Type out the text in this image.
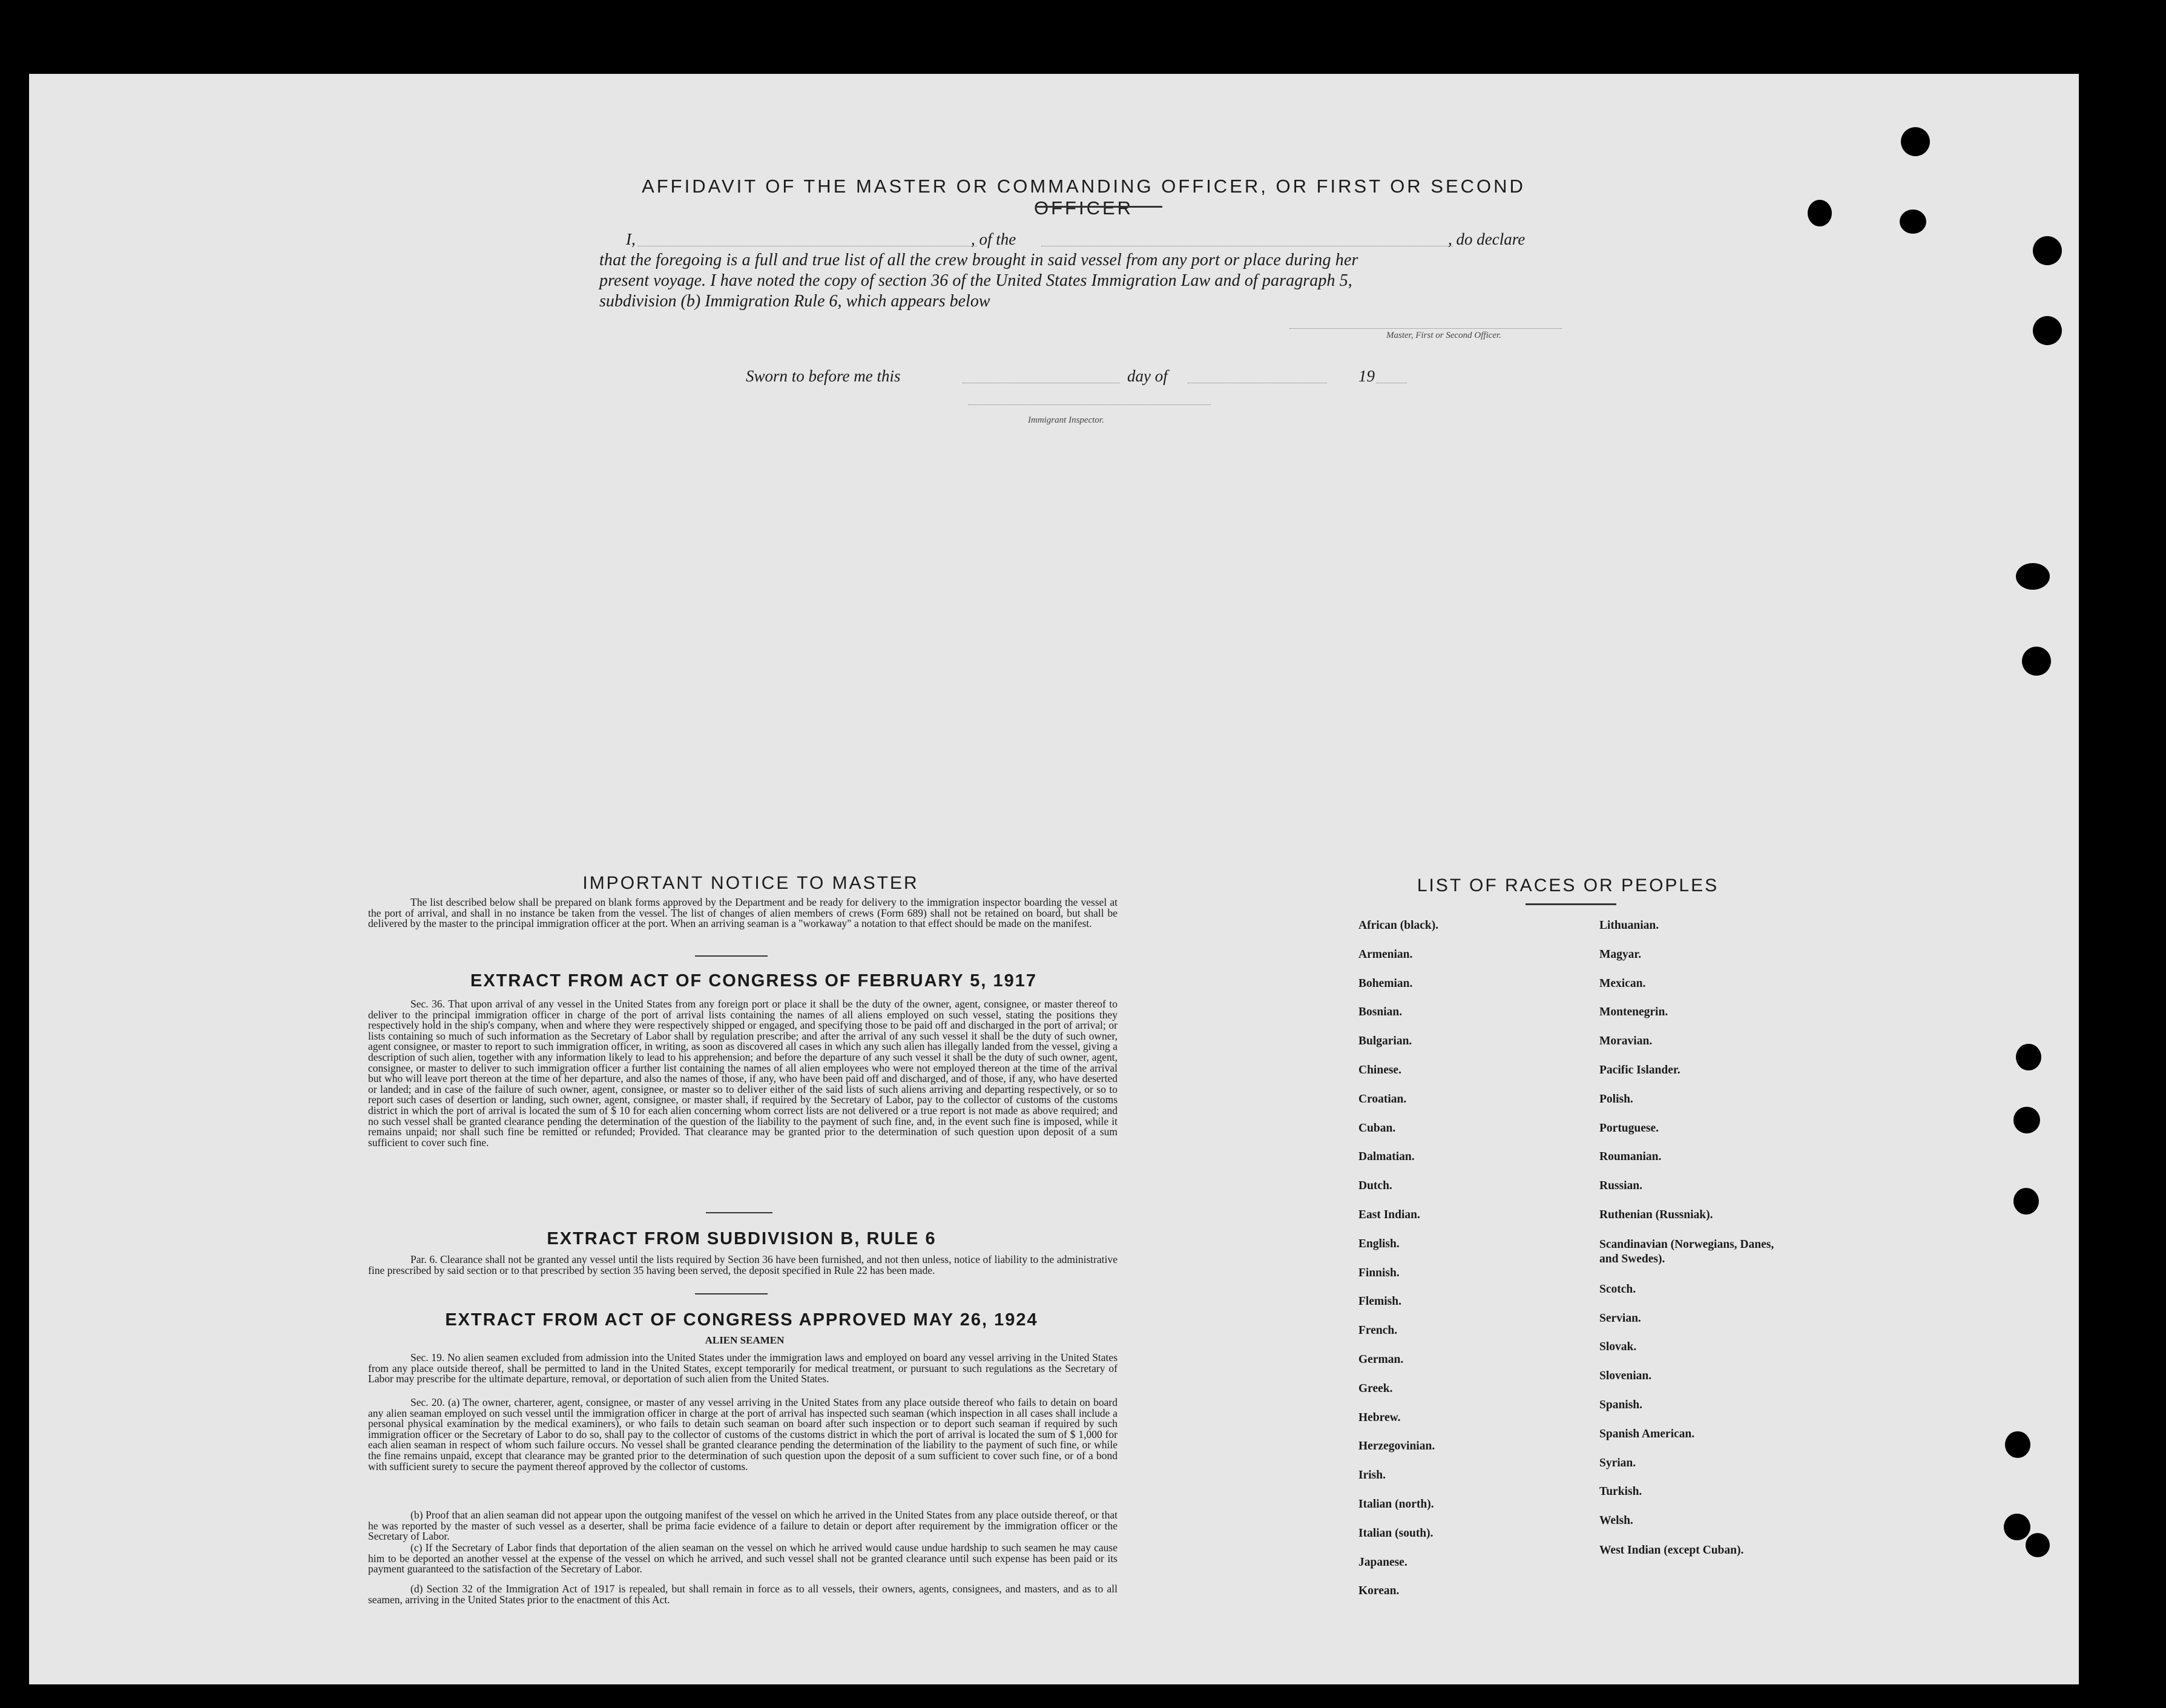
AFFIDAVIT OF THE MASTER OR COMMANDING OFFICER, OR FIRST OR SECOND OFFICER
I,	, of the	, do declare
that the foregoing is a full and true list of all the crew brought in said vessel from any port or place during her
present voyage. I have noted the copy of section 36 of the United States Immigration Law and of paragraph 5,
subdivision (b) Immigration Rule 6, which appears below
Master, First or Second Officer.
Sworn to before me this	day of	19
Immigrant Inspector.
IMPORTANT NOTICE TO MASTER

The list described below shall be prepared on blank forms approved by the Department and be ready for delivery to the immigration inspector boarding the vessel at the port of arrival, and shall in no instance be taken from the vessel. The list of changes of alien members of crews (Form 689) shall not be retained on board, but shall be delivered by the master to the principal immigration officer at the port. When an arriving seaman is a "workaway" a notation to that effect should be made on the manifest.

EXTRACT FROM ACT OF CONGRESS OF FEBRUARY 5, 1917

Sec. 36. That upon arrival of any vessel in the United States from any foreign port or place it shall be the duty of the owner, agent, consignee, or master thereof to deliver to the principal immigration officer in charge of the port of arrival lists containing the names of all aliens employed on such vessel, stating the positions they respectively hold in the ship's company, when and where they were respectively shipped or engaged, and specifying those to be paid off and discharged in the port of arrival; or lists containing so much of such information as the Secretary of Labor shall by regulation prescribe; and after the arrival of any such vessel it shall be the duty of such owner, agent consignee, or master to report to such immigration officer, in writing, as soon as discovered all cases in which any such alien has illegally landed from the vessel, giving a description of such alien, together with any information likely to lead to his apprehension; and before the departure of any such vessel it shall be the duty of such owner, agent, consignee, or master to deliver to such immigration officer a further list containing the names of all alien employees who were not employed thereon at the time of the arrival but who will leave port thereon at the time of her departure, and also the names of those, if any, who have been paid off and discharged, and of those, if any, who have deserted or landed; and in case of the failure of such owner, agent, consignee, or master so to deliver either of the said lists of such aliens arriving and departing respectively, or so to report such cases of desertion or landing, such owner, agent, consignee, or master shall, if required by the Secretary of Labor, pay to the collector of customs of the customs district in which the port of arrival is located the sum of $ 10 for each alien concerning whom correct lists are not delivered or a true report is not made as above required; and no such vessel shall be granted clearance pending the determination of the question of the liability to the payment of such fine, and, in the event such fine is imposed, while it remains unpaid; nor shall such fine be remitted or refunded; Provided. That clearance may be granted prior to the determination of such question upon deposit of a sum sufficient to cover such fine.

EXTRACT FROM SUBDIVISION B, RULE 6

Par. 6. Clearance shall not be granted any vessel until the lists required by Section 36 have been furnished, and not then unless, notice of liability to the administrative fine prescribed by said section or to that prescribed by section 35 having been served, the deposit specified in Rule 22 has been made.

EXTRACT FROM ACT OF CONGRESS APPROVED MAY 26, 1924
ALIEN SEAMEN

Sec. 19. No alien seamen excluded from admission into the United States under the immigration laws and employed on board any vessel arriving in the United States from any place outside thereof, shall be permitted to land in the United States, except temporarily for medical treatment, or pursuant to such regulations as the Secretary of Labor may prescribe for the ultimate departure, removal, or deportation of such alien from the United States.

Sec. 20. (a) The owner, charterer, agent, consignee, or master of any vessel arriving in the United States from any place outside thereof who fails to detain on board any alien seaman employed on such vessel until the immigration officer in charge at the port of arrival has inspected such seaman (which inspection in all cases shall include a personal physical examination by the medical examiners), or who fails to detain such seaman on board after such inspection or to deport such seaman if required by such immigration officer or the Secretary of Labor to do so, shall pay to the collector of customs of the customs district in which the port of arrival is located the sum of $ 1,000 for each alien seaman in respect of whom such failure occurs. No vessel shall be granted clearance pending the determination of the liability to the payment of such fine, or while the fine remains unpaid, except that clearance may be granted prior to the determination of such question upon the deposit of a sum sufficient to cover such fine, or of a bond with sufficient surety to secure the payment thereof approved by the collector of customs.

(b) Proof that an alien seaman did not appear upon the outgoing manifest of the vessel on which he arrived in the United States from any place outside thereof, or that he was reported by the master of such vessel as a deserter, shall be prima facie evidence of a failure to detain or deport after requirement by the immigration officer or the Secretary of Labor.

(c) If the Secretary of Labor finds that deportation of the alien seaman on the vessel on which he arrived would cause undue hardship to such seamen he may cause him to be deported an another vessel at the expense of the vessel on which he arrived, and such vessel shall not be granted clearance until such expense has been paid or its payment guaranteed to the satisfaction of the Secretary of Labor.

(d) Section 32 of the Immigration Act of 1917 is repealed, but shall remain in force as to all vessels, their owners, agents, consignees, and masters, and as to all seamen, arriving in the United States prior to the enactment of this Act.

LIST OF RACES OR PEOPLES
African (black).
Armenian.
Bohemian.
Bosnian.
Bulgarian.
Chinese.
Croatian.
Cuban.
Dalmatian.
Dutch.
East Indian.
English.
Finnish.
Flemish.
French.
German.
Greek.
Hebrew.
Herzegovinian.
Irish.
Italian (north).
Italian (south).
Japanese.
Korean.
Lithuanian.
Magyar.
Mexican.
Montenegrin.
Moravian.
Pacific Islander.
Polish.
Portuguese.
Roumanian.
Russian.
Ruthenian (Russniak).
Scandinavian (Norwegians, Danes, and Swedes).
Scotch.
Servian.
Slovak.
Slovenian.
Spanish.
Spanish American.
Syrian.
Turkish.
Welsh.
West Indian (except Cuban).
